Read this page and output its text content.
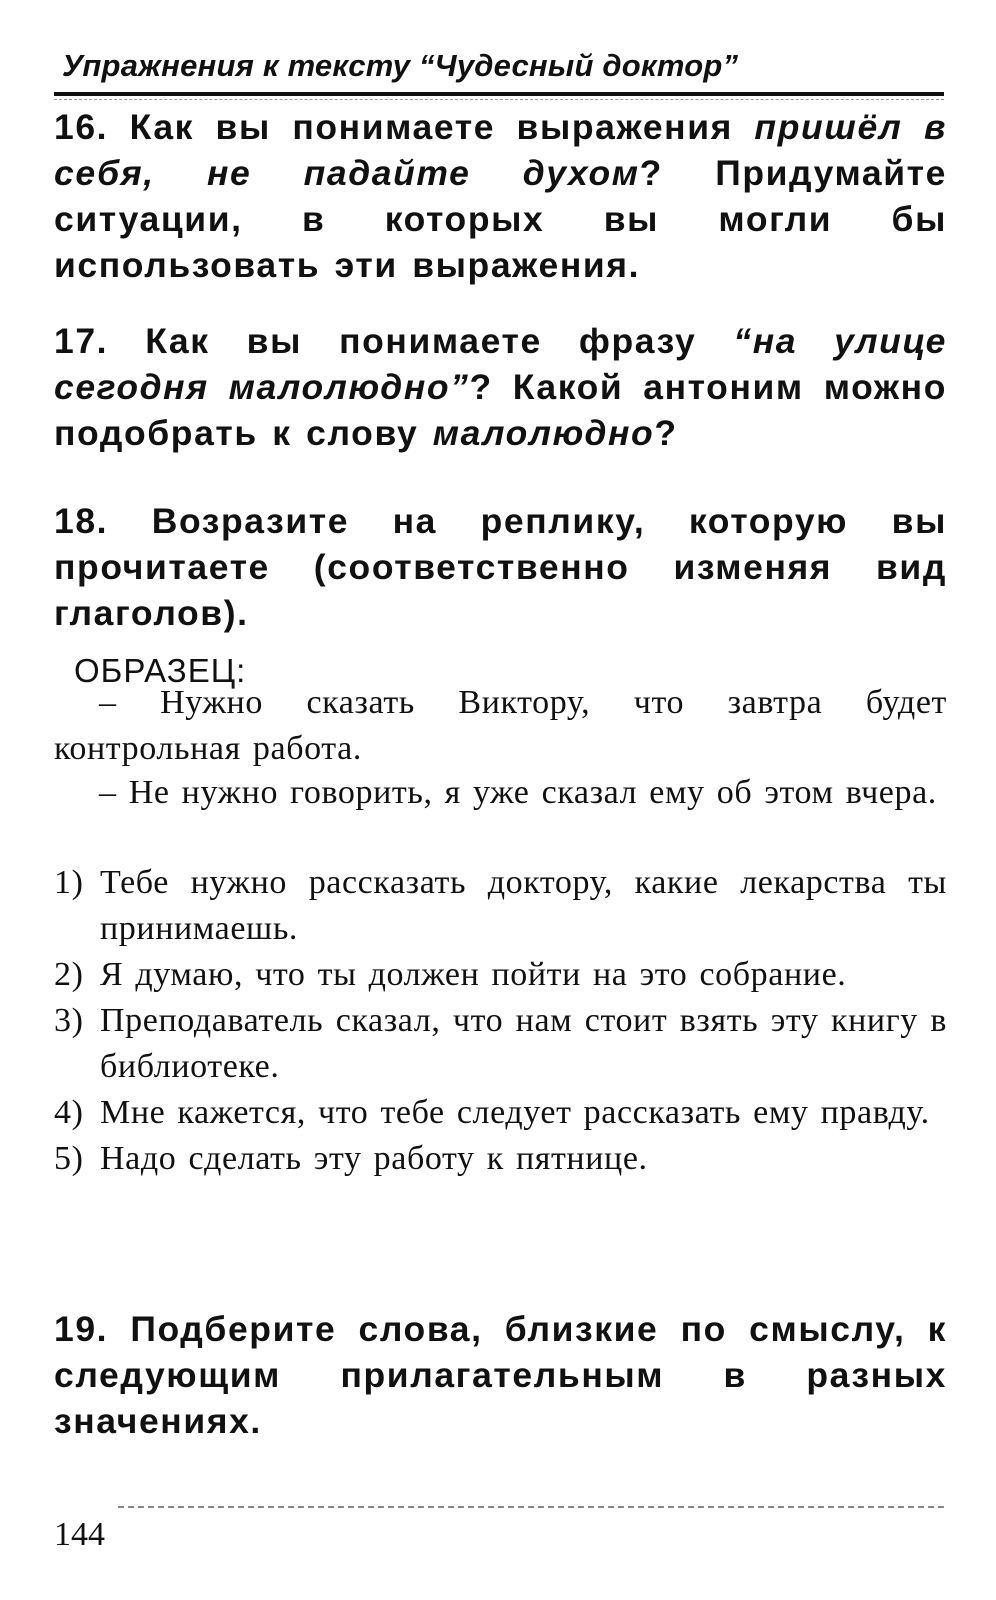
Упражнения к тексту “Чудесный доктор”
16. Как вы понимаете выражения пришёл в себя, не падайте духом? Придумайте ситуации, в которых вы могли бы использовать эти выражения.
17. Как вы понимаете фразу “на улице сегодня малолюдно”? Какой антоним можно подобрать к слову малолюдно?
18. Возразите на реплику, которую вы прочитаете (соответственно изменяя вид глаголов).
ОБРАЗЕЦ:
– Нужно сказать Виктору, что завтра будет контрольная работа.
– Не нужно говорить, я уже сказал ему об этом вчера.
1) Тебе нужно рассказать доктору, какие лекарства ты принимаешь.
2) Я думаю, что ты должен пойти на это собрание.
3) Преподаватель сказал, что нам стоит взять эту книгу в библиотеке.
4) Мне кажется, что тебе следует рассказать ему правду.
5) Надо сделать эту работу к пятнице.
19. Подберите слова, близкие по смыслу, к следующим прилагательным в разных значениях.
144
